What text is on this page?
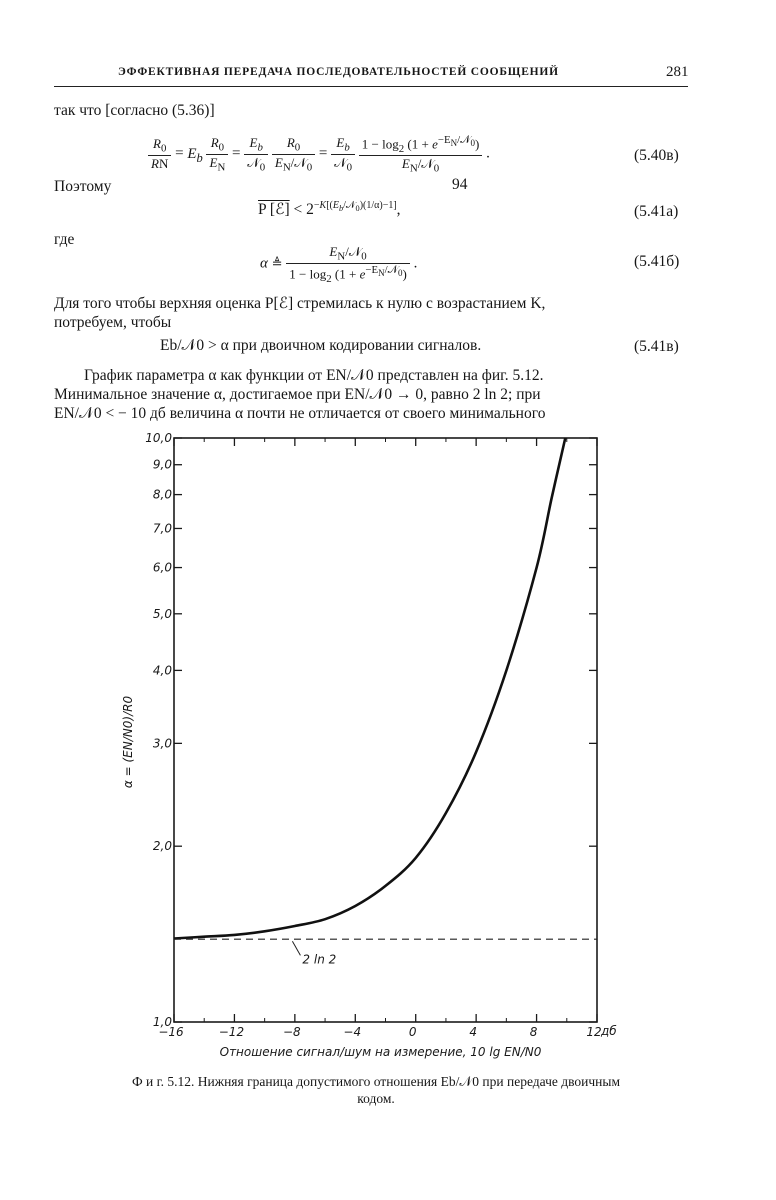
ЭФФЕКТИВНАЯ ПЕРЕДАЧА ПОСЛЕДОВАТЕЛЬНОСТЕЙ СООБЩЕНИЙ	281
так что [согласно (5.36)]
$\frac{R_0}{RN} = E_b \frac{R_0}{E_N} = \frac{E_b}{𝒩_0}$
$\frac{R_0}{E_N/𝒩_0} = \frac{E_b}{𝒩_0}$
$\frac{1 - \log_2 (1 + e^{-E_N/𝒩_0})}{E_N/𝒩_0}$ .	(5.40в)
Поэтому	94
P [ℰ] < $2^{-K[(E_b/𝒩_0)(1/\alpha)-1]}$,	(5.41а)
где
α ≜ $\frac{E_N/𝒩_0}{1 - \log_2 (1 + e^{-E_N/𝒩_0})}$ .	(5.41б)
Для того чтобы верхняя оценка P[ℰ] стремилась к нулю с возрастанием K,
потребуем, чтобы
Eb/𝒩0 > α при двоичном кодировании сигналов.	(5.41в)
График параметра α как функции от EN/𝒩0 представлен на фиг. 5.12.
Минимальное значение α, достигаемое при EN/𝒩0 → 0, равно 2 ln 2; при
EN/𝒩0 < − 10 дб величина α почти не отличается от своего минимального
−16	−12	−8	−4	0	4	8	12 дб
1,0
2,0
3,0
4,0
5,0
6,0
7,0
8,0
9,0
10,0
2 ln 2
Отношение сигнал/шум на измерение, 10 lg EN/N0
α = (EN/N0)/R0
Ф и г. 5.12. Нижняя граница допустимого отношения Eb/𝒩0 при передаче двоичным
кодом.
